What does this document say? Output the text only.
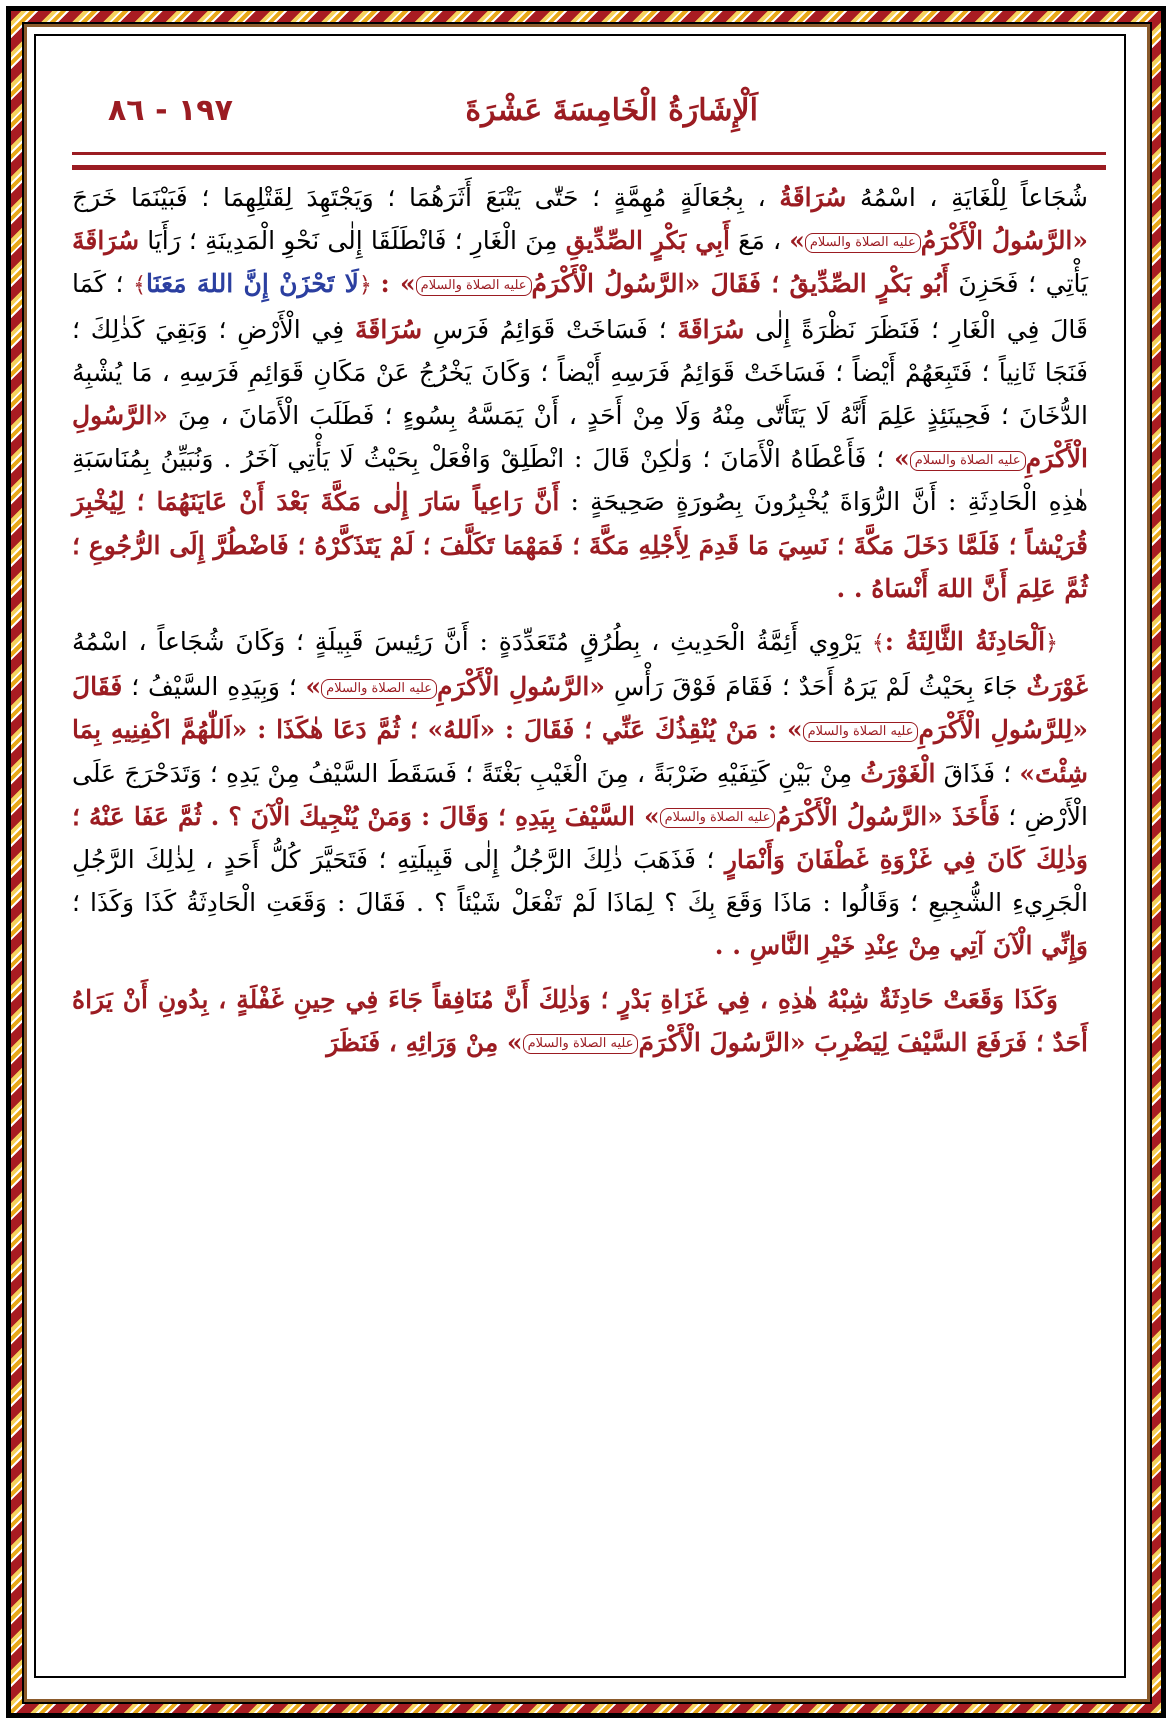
اَلْإِشَارَةُ الْخَامِسَةَ عَشْرَةَ
١٩٧ - ٨٦

شُجَاعاً لِلْغَايَةِ ، اسْمُهُ سُرَاقَةُ ، بِجُعَالَةٍ مُهِمَّةٍ ؛ حَتّٰى يَتْبَعَ أَثَرَهُمَا ؛ وَيَجْتَهِدَ لِقَتْلِهِمَا ؛ فَبَيْنَمَا خَرَجَ «الرَّسُولُ الْأَكْرَمُعليه الصلاة والسلام» ، مَعَ أَبِي بَكْرٍ الصِّدِّيقِ مِنَ الْغَارِ ؛ فَانْطَلَقَا إِلٰى نَحْوِ الْمَدِينَةِ ؛ رَأَيَا سُرَاقَةَ يَأْتِي ؛ فَحَزِنَ أَبُو بَكْرٍ الصِّدِّيقُ ؛ فَقَالَ «الرَّسُولُ الْأَكْرَمُعليه الصلاة والسلام» : ﴿لَا تَحْزَنْ إِنَّ اللهَ مَعَنَا﴾ ؛ كَمَا قَالَ فِي الْغَارِ ؛ فَنَظَرَ نَظْرَةً إِلٰى سُرَاقَةَ ؛ فَسَاخَتْ قَوَائِمُ فَرَسِ سُرَاقَةَ فِي الْأَرْضِ ؛ وَبَقِيَ كَذٰلِكَ ؛ فَنَجَا ثَانِياً ؛ فَتَبِعَهُمْ أَيْضاً ؛ فَسَاخَتْ قَوَائِمُ فَرَسِهِ أَيْضاً ؛ وَكَانَ يَخْرُجُ عَنْ مَكَانِ قَوَائِمِ فَرَسِهِ ، مَا يُشْبِهُ الدُّخَانَ ؛ فَحِينَئِذٍ عَلِمَ أَنَّهُ لَا يَتَأَتّٰى مِنْهُ وَلَا مِنْ أَحَدٍ ، أَنْ يَمَسَّهُ بِسُوءٍ ؛ فَطَلَبَ الْأَمَانَ ، مِنَ «الرَّسُولِ الْأَكْرَمِعليه الصلاة والسلام» ؛ فَأَعْطَاهُ الْأَمَانَ ؛ وَلٰكِنْ قَالَ : انْطَلِقْ وَافْعَلْ بِحَيْثُ لَا يَأْتِي آخَرُ . وَنُبَيِّنُ بِمُنَاسَبَةِ هٰذِهِ الْحَادِثَةِ : أَنَّ الرُّوَاةَ يُخْبِرُونَ بِصُورَةٍ صَحِيحَةٍ : أَنَّ رَاعِياً سَارَ إِلٰى مَكَّةَ بَعْدَ أَنْ عَايَنَهُمَا ؛ لِيُخْبِرَ قُرَيْشاً ؛ فَلَمَّا دَخَلَ مَكَّةَ ؛ نَسِيَ مَا قَدِمَ لِأَجْلِهِ مَكَّةَ ؛ فَمَهْمَا تَكَلَّفَ ؛ لَمْ يَتَذَكَّرْهُ ؛ فَاضْطُرَّ إِلَى الرُّجُوعِ ؛ ثُمَّ عَلِمَ أَنَّ اللهَ أَنْسَاهُ . .

﴿اَلْحَادِثَةُ الثَّالِثَةُ :﴾ يَرْوِي أَئِمَّةُ الْحَدِيثِ ، بِطُرُقٍ مُتَعَدِّدَةٍ : أَنَّ رَئِيسَ قَبِيلَةٍ ؛ وَكَانَ شُجَاعاً ، اسْمُهُ غَوْرَثٌ جَاءَ بِحَيْثُ لَمْ يَرَهُ أَحَدٌ ؛ فَقَامَ فَوْقَ رَأْسِ «الرَّسُولِ الْأَكْرَمِعليه الصلاة والسلام» ؛ وَبِيَدِهِ السَّيْفُ ؛ فَقَالَ «لِلرَّسُولِ الْأَكْرَمِعليه الصلاة والسلام» : مَنْ يُنْقِذُكَ عَنِّي ؛ فَقَالَ : «اَللهُ» ؛ ثُمَّ دَعَا هٰكَذَا : «اَللّٰهُمَّ اكْفِنِيهِ بِمَا شِئْتَ» ؛ فَذَاقَ الْغَوْرَثُ مِنْ بَيْنِ كَتِفَيْهِ ضَرْبَةً ، مِنَ الْغَيْبِ بَغْتَةً ؛ فَسَقَطَ السَّيْفُ مِنْ يَدِهِ ؛ وَتَدَحْرَجَ عَلَى الْأَرْضِ ؛ فَأَخَذَ «الرَّسُولُ الْأَكْرَمُعليه الصلاة والسلام» السَّيْفَ بِيَدِهِ ؛ وَقَالَ : وَمَنْ يُنْجِيكَ الْآنَ ؟ . ثُمَّ عَفَا عَنْهُ ؛ وَذٰلِكَ كَانَ فِي غَزْوَةِ غَطْفَانَ وَأَنْمَارٍ ؛ فَذَهَبَ ذٰلِكَ الرَّجُلُ إِلٰى قَبِيلَتِهِ ؛ فَتَحَيَّرَ كُلُّ أَحَدٍ ، لِذٰلِكَ الرَّجُلِ الْجَرِيءِ الشُّجِيعِ ؛ وَقَالُوا : مَاذَا وَقَعَ بِكَ ؟ لِمَاذَا لَمْ تَفْعَلْ شَيْئاً ؟ . فَقَالَ : وَقَعَتِ الْحَادِثَةُ كَذَا وَكَذَا ؛ وَإِنِّي الْآنَ آتِي مِنْ عِنْدِ خَيْرِ النَّاسِ . .

وَكَذَا وَقَعَتْ حَادِثَةٌ شِبْهُ هٰذِهِ ، فِي غَزَاةِ بَدْرٍ ؛ وَذٰلِكَ أَنَّ مُنَافِقاً جَاءَ فِي حِينِ غَفْلَةٍ ، بِدُونِ أَنْ يَرَاهُ أَحَدٌ ؛ فَرَفَعَ السَّيْفَ لِيَضْرِبَ «الرَّسُولَ الْأَكْرَمَعليه الصلاة والسلام» مِنْ وَرَائِهِ ، فَنَظَرَ
